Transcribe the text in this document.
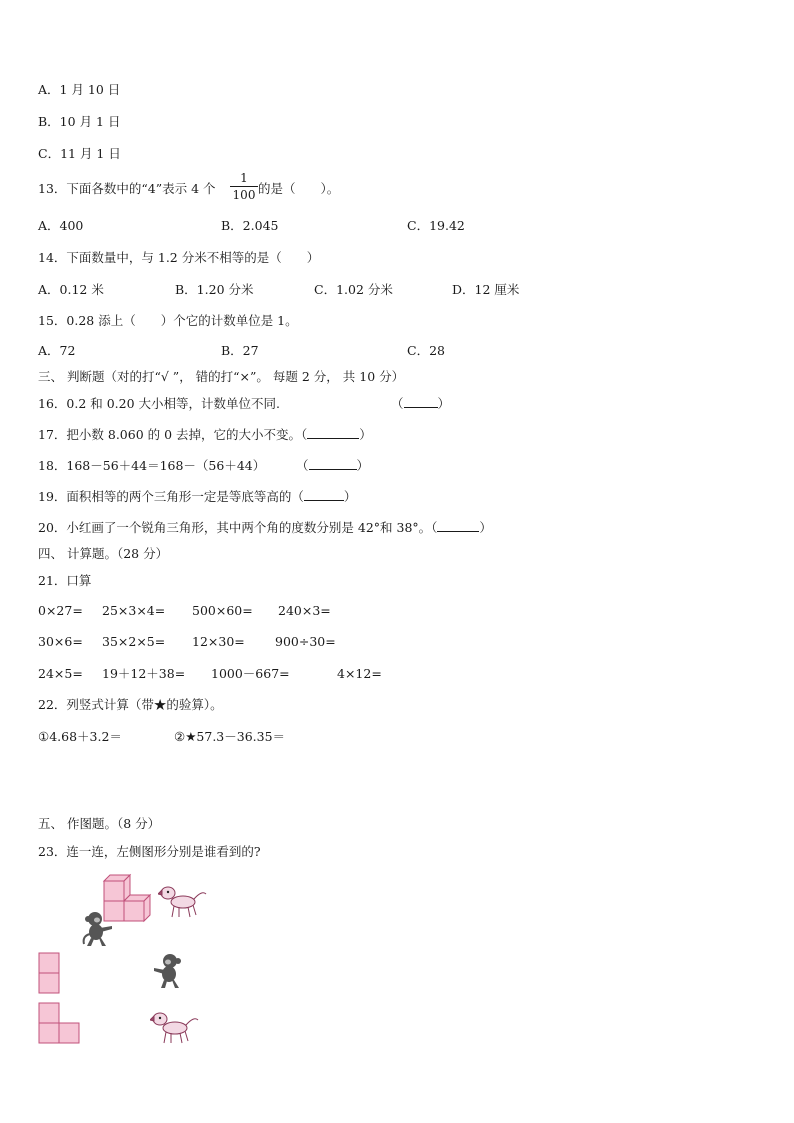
A．1 月 10 日
B．10 月 1 日
C．11 月 1 日
13．下面各数中的“4”表示 4 个
1
100 的是（　　）。
A．400	B．2.045	C．19.42
14．下面数量中，与 1.2 分米不相等的是（　　）
A．0.12 米	B．1.20 分米	C．1.02 分米	D．12 厘米
15．0.28 添上（　　）个它的计数单位是 1。
A．72	B．27	C．28
三、 判断题（对的打“√ ”， 错的打“×”。 每题 2 分， 共 10 分）
16．0.2 和 0.20 大小相等，计数单位不同.	（	）
17．把小数 8.060 的 0 去掉，它的大小不变。（	）
18．168－56＋44＝168－（56＋44） （	）
19．面积相等的两个三角形一定是等底等高的（	）
20．小红画了一个锐角三角形，其中两个角的度数分别是 42°和 38°。（	）
四、 计算题。（28 分）
21．口算
0×27= 25×3×4= 500×60= 240×3=
30×6= 35×2×5= 12×30= 900÷30=
24×5= 19＋12＋38= 1000－667=	4×12=
22．列竖式计算（带★的验算）。
①4.68＋3.2＝	②★57.3－36.35＝
五、 作图题。（8 分）
23．连一连，左侧图形分别是谁看到的?
